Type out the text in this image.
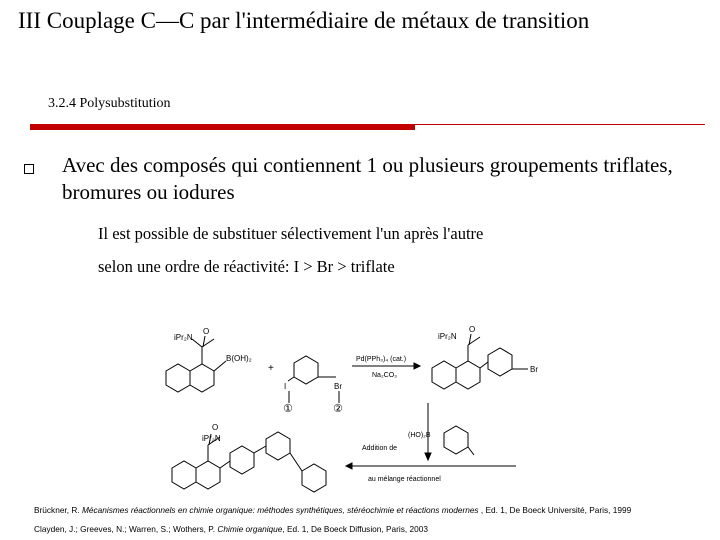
III Couplage C—C par l'intermédiaire de métaux de transition
3.2.4 Polysubstitution
Avec des composés qui contiennent 1 ou plusieurs groupements triflates, bromures ou iodures
Il est possible de substituer sélectivement l'un après l'autre
selon une ordre de réactivité: I > Br > triflate
iPr₂N
O
B(OH)₂
+
I	Br
①	②
Pd(PPh₃)₄ (cat.)
Na₂CO₃
iPr₂N
O
Br
Addition de
(HO)₂B
au mélange réactionnel
iPr₂N
O
Brückner, R. Mécanismes réactionnels en chimie organique: méthodes synthétiques, stéréochimie et réactions modernes , Ed. 1, De Boeck Université, Paris, 1999
Clayden, J.; Greeves, N.; Warren, S.; Wothers, P. Chimie organique, Ed. 1, De Boeck Diffusion, Paris, 2003
